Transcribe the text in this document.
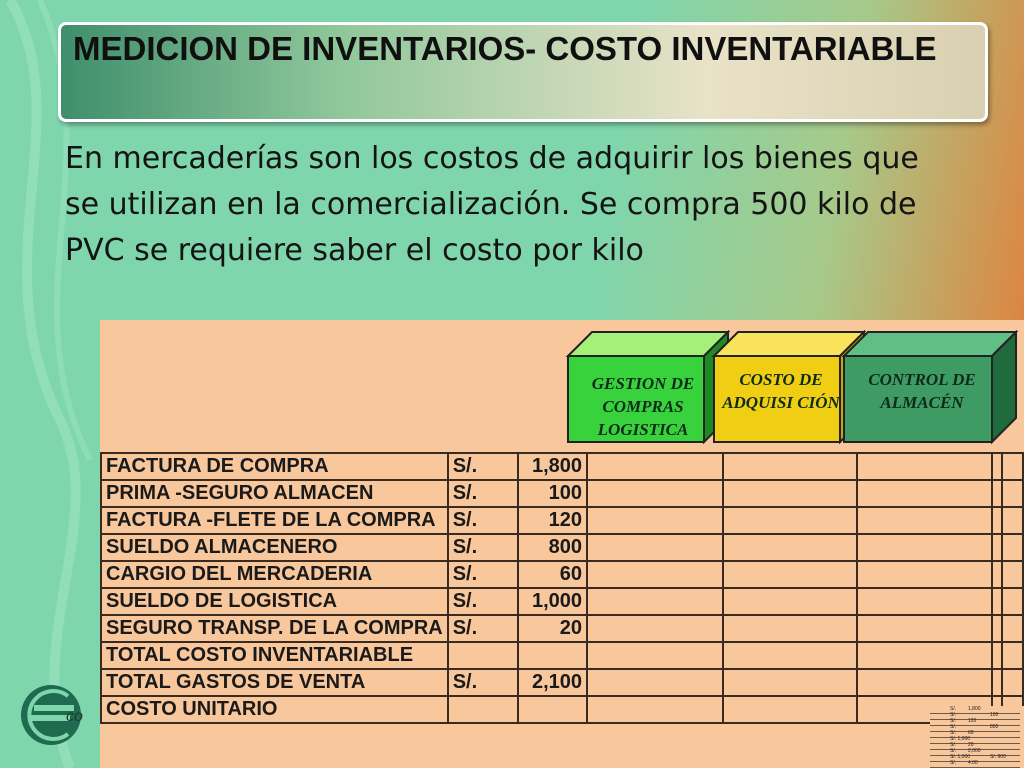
MEDICION DE INVENTARIOS- COSTO INVENTARIABLE
En mercaderías son los costos de adquirir los bienes que se utilizan en la comercialización. Se compra 500 kilo de PVC se requiere saber el costo por kilo
GESTION DE COMPRAS LOGISTICA
COSTO DE ADQUISI CIÓN
CONTROL DE ALMACÉN
FACTURA DE COMPRA	S/.	1,800					
PRIMA -SEGURO ALMACEN	S/.	100					
FACTURA -FLETE DE LA COMPRA	S/.	120					
SUELDO ALMACENERO	S/.	800					
CARGIO DEL MERCADERIA	S/.	60					
SUELDO DE LOGISTICA	S/.	1,000					
SEGURO TRANSP. DE LA COMPRA	S/.	20					
TOTAL COSTO INVENTARIABLE							
TOTAL GASTOS DE VENTA	S/.	2,100					
COSTO UNITARIO							
co	S/. 1,800
S/.	100
S/. 120
S/.	800
S/. 60
S/. 1,000
S/. 20
S/. 2,000
S/. 1,000	S/. 900
S/. 4.00
